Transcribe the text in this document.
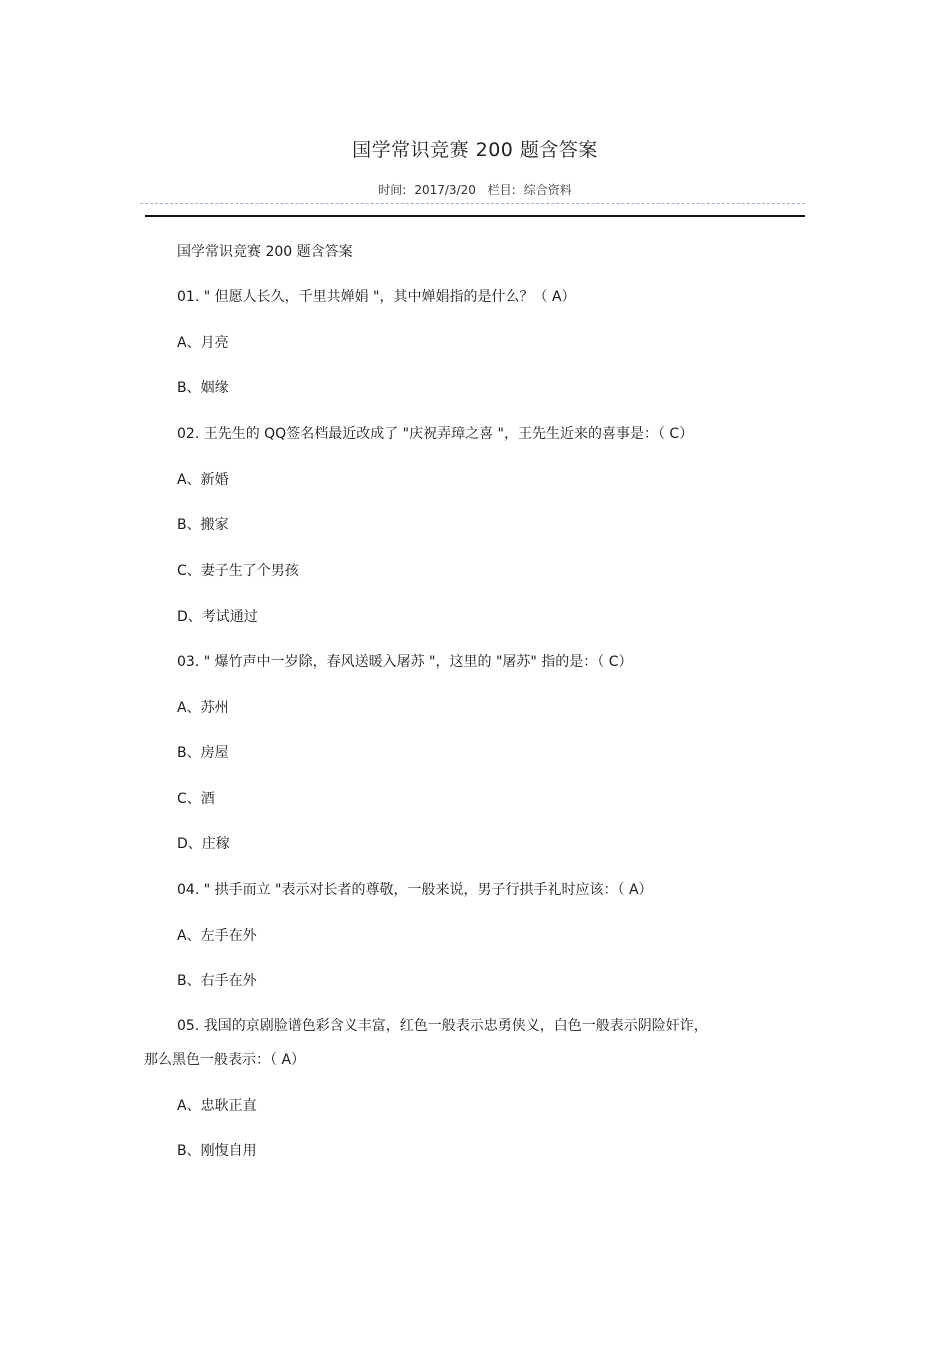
国学常识竞赛 200 题含答案
时间: 2017/3/20 栏目: 综合资料
国学常识竞赛 200 题含答案
01. " 但愿人长久，千里共婵娟 "，其中婵娟指的是什么？（ A）
A、月亮
B、姻缘
02. 王先生的 QQ签名档最近改成了 "庆祝弄璋之喜 "，王先生近来的喜事是：（ C）
A、新婚
B、搬家
C、妻子生了个男孩
D、考试通过
03. " 爆竹声中一岁除，春风送暖入屠苏 "，这里的 "屠苏" 指的是：（ C）
A、苏州
B、房屋
C、酒
D、庄稼
04. " 拱手而立 "表示对长者的尊敬，一般来说，男子行拱手礼时应该：（ A）
A、左手在外
B、右手在外
05. 我国的京剧脸谱色彩含义丰富，红色一般表示忠勇侠义，白色一般表示阴险奸诈，
那么黑色一般表示：（ A）
A、忠耿正直
B、刚愎自用
